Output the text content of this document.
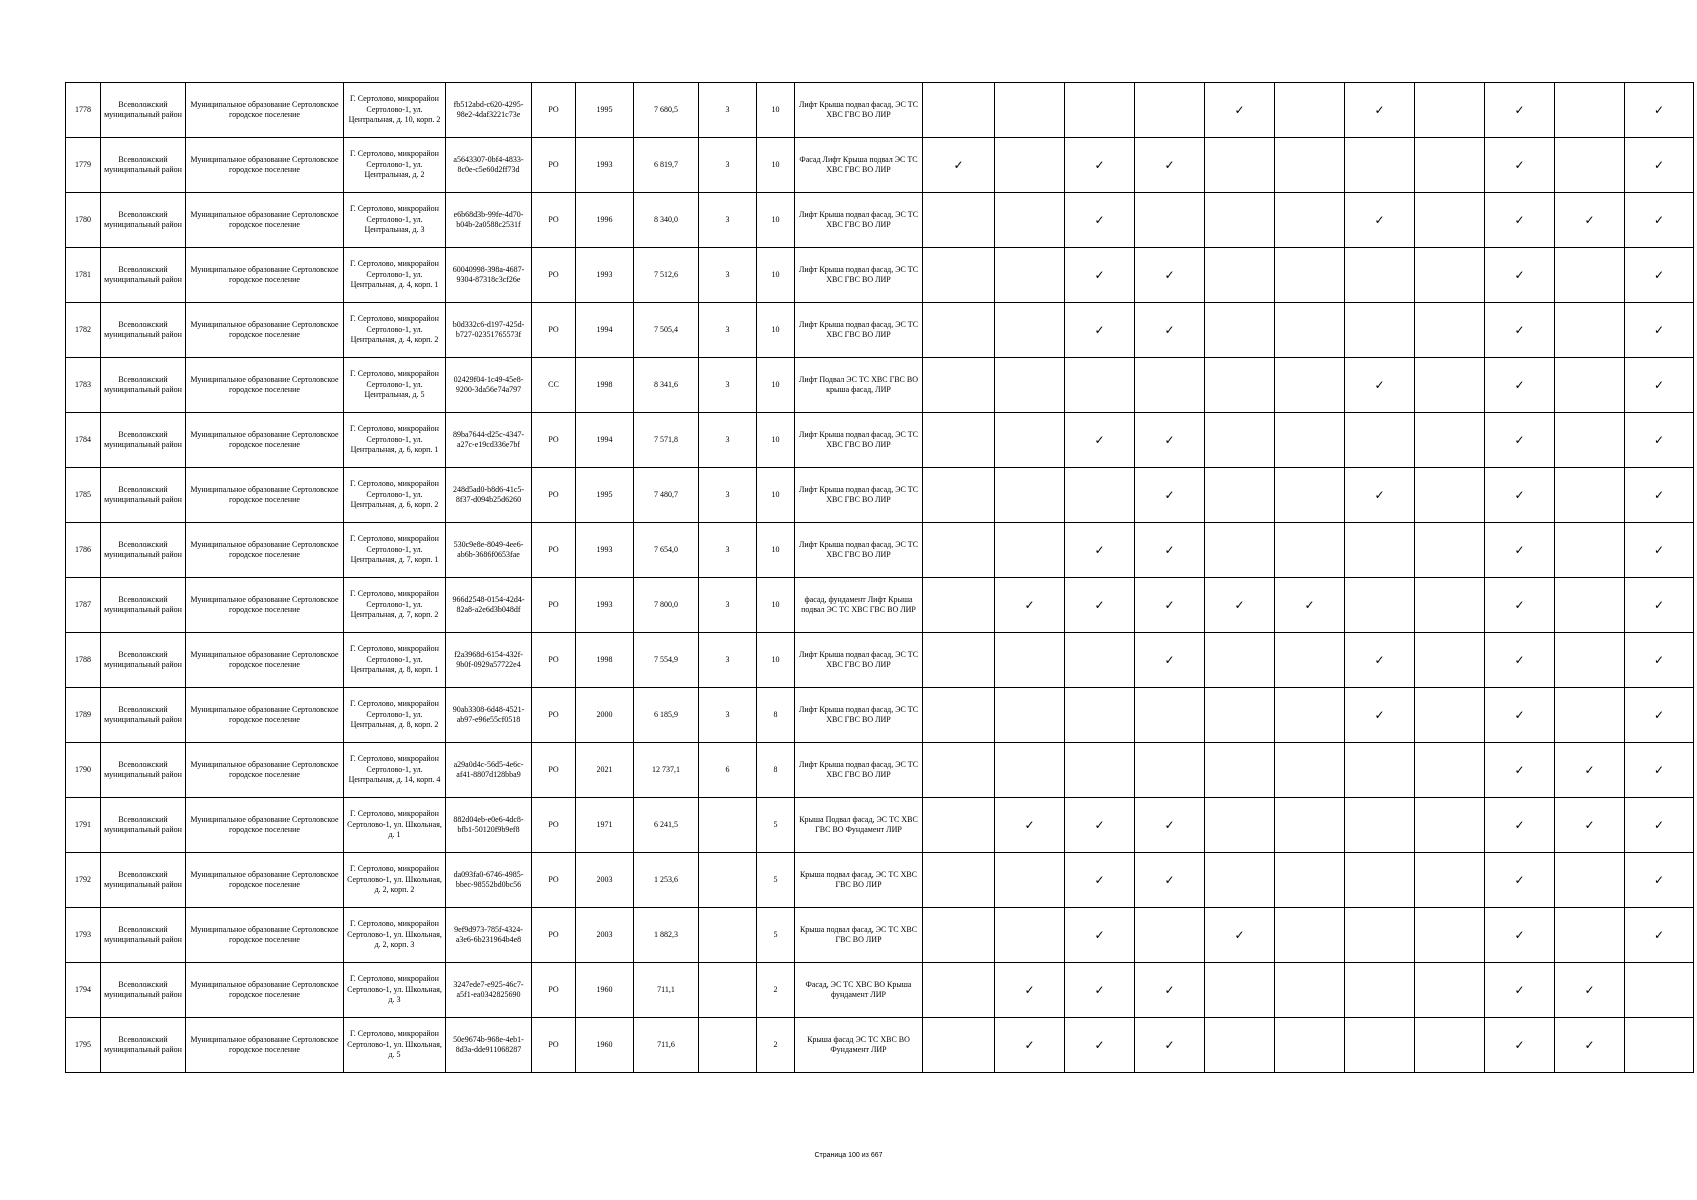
1778	Всеволожский муниципальный район	Муниципальное образование Сертоловское городское поселение	Г. Сертолово, микрорайон Сертолово-1, ул. Центральная, д. 10, корп. 2	fb512abd-c620-4295-98e2-4daf3221c73e	РО	1995	7 680,5	3	10	Лифт Крыша подвал фасад, ЭС ТС ХВС ГВС ВО ЛИР					✓		✓		✓		✓
1779	Всеволожский муниципальный район	Муниципальное образование Сертоловское городское поселение	Г. Сертолово, микрорайон Сертолово-1, ул. Центральная, д. 2	a5643307-0bf4-4833-8c0e-c5e60d2ff73d	РО	1993	6 819,7	3	10	Фасад Лифт Крыша подвал ЭС ТС ХВС ГВС ВО ЛИР	✓		✓	✓					✓		✓
1780	Всеволожский муниципальный район	Муниципальное образование Сертоловское городское поселение	Г. Сертолово, микрорайон Сертолово-1, ул. Центральная, д. 3	e6b68d3b-99fe-4d70-b04b-2a0588c2531f	РО	1996	8 340,0	3	10	Лифт Крыша подвал фасад, ЭС ТС ХВС ГВС ВО ЛИР			✓				✓		✓	✓	✓
1781	Всеволожский муниципальный район	Муниципальное образование Сертоловское городское поселение	Г. Сертолово, микрорайон Сертолово-1, ул. Центральная, д. 4, корп. 1	60040998-398a-4687-9304-87318c3cf26e	РО	1993	7 512,6	3	10	Лифт Крыша подвал фасад, ЭС ТС ХВС ГВС ВО ЛИР			✓	✓					✓		✓
1782	Всеволожский муниципальный район	Муниципальное образование Сертоловское городское поселение	Г. Сертолово, микрорайон Сертолово-1, ул. Центральная, д. 4, корп. 2	b0d332c6-d197-425d-b727-02351765573f	РО	1994	7 505,4	3	10	Лифт Крыша подвал фасад, ЭС ТС ХВС ГВС ВО ЛИР			✓	✓					✓		✓
1783	Всеволожский муниципальный район	Муниципальное образование Сертоловское городское поселение	Г. Сертолово, микрорайон Сертолово-1, ул. Центральная, д. 5	02429f04-1c49-45e8-9200-3da56e74a797	СС	1998	8 341,6	3	10	Лифт Подвал ЭС ТС ХВС ГВС ВО крыша фасад, ЛИР							✓		✓		✓
1784	Всеволожский муниципальный район	Муниципальное образование Сертоловское городское поселение	Г. Сертолово, микрорайон Сертолово-1, ул. Центральная, д. 6, корп. 1	89ba7644-d25c-4347-a27c-e19cd336e7bf	РО	1994	7 571,8	3	10	Лифт Крыша подвал фасад, ЭС ТС ХВС ГВС ВО ЛИР			✓	✓					✓		✓
1785	Всеволожский муниципальный район	Муниципальное образование Сертоловское городское поселение	Г. Сертолово, микрорайон Сертолово-1, ул. Центральная, д. 6, корп. 2	248d5ad0-b8d6-41c5-8f37-d094b25d6260	РО	1995	7 480,7	3	10	Лифт Крыша подвал фасад, ЭС ТС ХВС ГВС ВО ЛИР				✓			✓		✓		✓
1786	Всеволожский муниципальный район	Муниципальное образование Сертоловское городское поселение	Г. Сертолово, микрорайон Сертолово-1, ул. Центральная, д. 7, корп. 1	530c9e8e-8049-4ee6-ab6b-3686f0653fae	РО	1993	7 654,0	3	10	Лифт Крыша подвал фасад, ЭС ТС ХВС ГВС ВО ЛИР			✓	✓					✓		✓
1787	Всеволожский муниципальный район	Муниципальное образование Сертоловское городское поселение	Г. Сертолово, микрорайон Сертолово-1, ул. Центральная, д. 7, корп. 2	966d2548-0154-42d4-82a8-a2e6d3b048df	РО	1993	7 800,0	3	10	фасад, фундамент Лифт Крыша подвал ЭС ТС ХВС ГВС ВО ЛИР		✓	✓	✓	✓	✓			✓		✓
1788	Всеволожский муниципальный район	Муниципальное образование Сертоловское городское поселение	Г. Сертолово, микрорайон Сертолово-1, ул. Центральная, д. 8, корп. 1	f2a3968d-6154-432f-9b0f-0929a57722e4	РО	1998	7 554,9	3	10	Лифт Крыша подвал фасад, ЭС ТС ХВС ГВС ВО ЛИР				✓			✓		✓		✓
1789	Всеволожский муниципальный район	Муниципальное образование Сертоловское городское поселение	Г. Сертолово, микрорайон Сертолово-1, ул. Центральная, д. 8, корп. 2	90ab3308-6d48-4521-ab97-e96e55cf0518	РО	2000	6 185,9	3	8	Лифт Крыша подвал фасад, ЭС ТС ХВС ГВС ВО ЛИР							✓		✓		✓
1790	Всеволожский муниципальный район	Муниципальное образование Сертоловское городское поселение	Г. Сертолово, микрорайон Сертолово-1, ул. Центральная, д. 14, корп. 4	a29a0d4c-56d5-4e6c-af41-8807d128bba9	РО	2021	12 737,1	6	8	Лифт Крыша подвал фасад, ЭС ТС ХВС ГВС ВО ЛИР									✓	✓	✓
1791	Всеволожский муниципальный район	Муниципальное образование Сертоловское городское поселение	Г. Сертолово, микрорайон Сертолово-1, ул. Школьная, д. 1	882d04eb-e0e6-4dc8-bfb1-50120f9b9ef8	РО	1971	6 241,5		5	Крыша Подвал фасад, ЭС ТС ХВС ГВС ВО Фундамент ЛИР		✓	✓	✓					✓	✓	✓
1792	Всеволожский муниципальный район	Муниципальное образование Сертоловское городское поселение	Г. Сертолово, микрорайон Сертолово-1, ул. Школьная, д. 2, корп. 2	da093fa0-6746-4985-bbec-98552bd0bc56	РО	2003	1 253,6		5	Крыша подвал фасад, ЭС ТС ХВС ГВС ВО ЛИР			✓	✓					✓		✓
1793	Всеволожский муниципальный район	Муниципальное образование Сертоловское городское поселение	Г. Сертолово, микрорайон Сертолово-1, ул. Школьная, д. 2, корп. 3	9ef9d973-785f-4324-a3e6-6b231964b4e8	РО	2003	1 882,3		5	Крыша подвал фасад, ЭС ТС ХВС ГВС ВО ЛИР			✓		✓				✓		✓
1794	Всеволожский муниципальный район	Муниципальное образование Сертоловское городское поселение	Г. Сертолово, микрорайон Сертолово-1, ул. Школьная, д. 3	3247ede7-e925-46c7-a5f1-ea0342825690	РО	1960	711,1		2	Фасад, ЭС ТС ХВС ВО Крыша фундамент ЛИР		✓	✓	✓					✓	✓	
1795	Всеволожский муниципальный район	Муниципальное образование Сертоловское городское поселение	Г. Сертолово, микрорайон Сертолово-1, ул. Школьная, д. 5	50e9674b-968e-4eb1-8d3a-dde911068287	РО	1960	711,6		2	Крыша фасад ЭС ТС ХВС ВО Фундамент ЛИР		✓	✓	✓					✓	✓	
Страница 100 из 667
